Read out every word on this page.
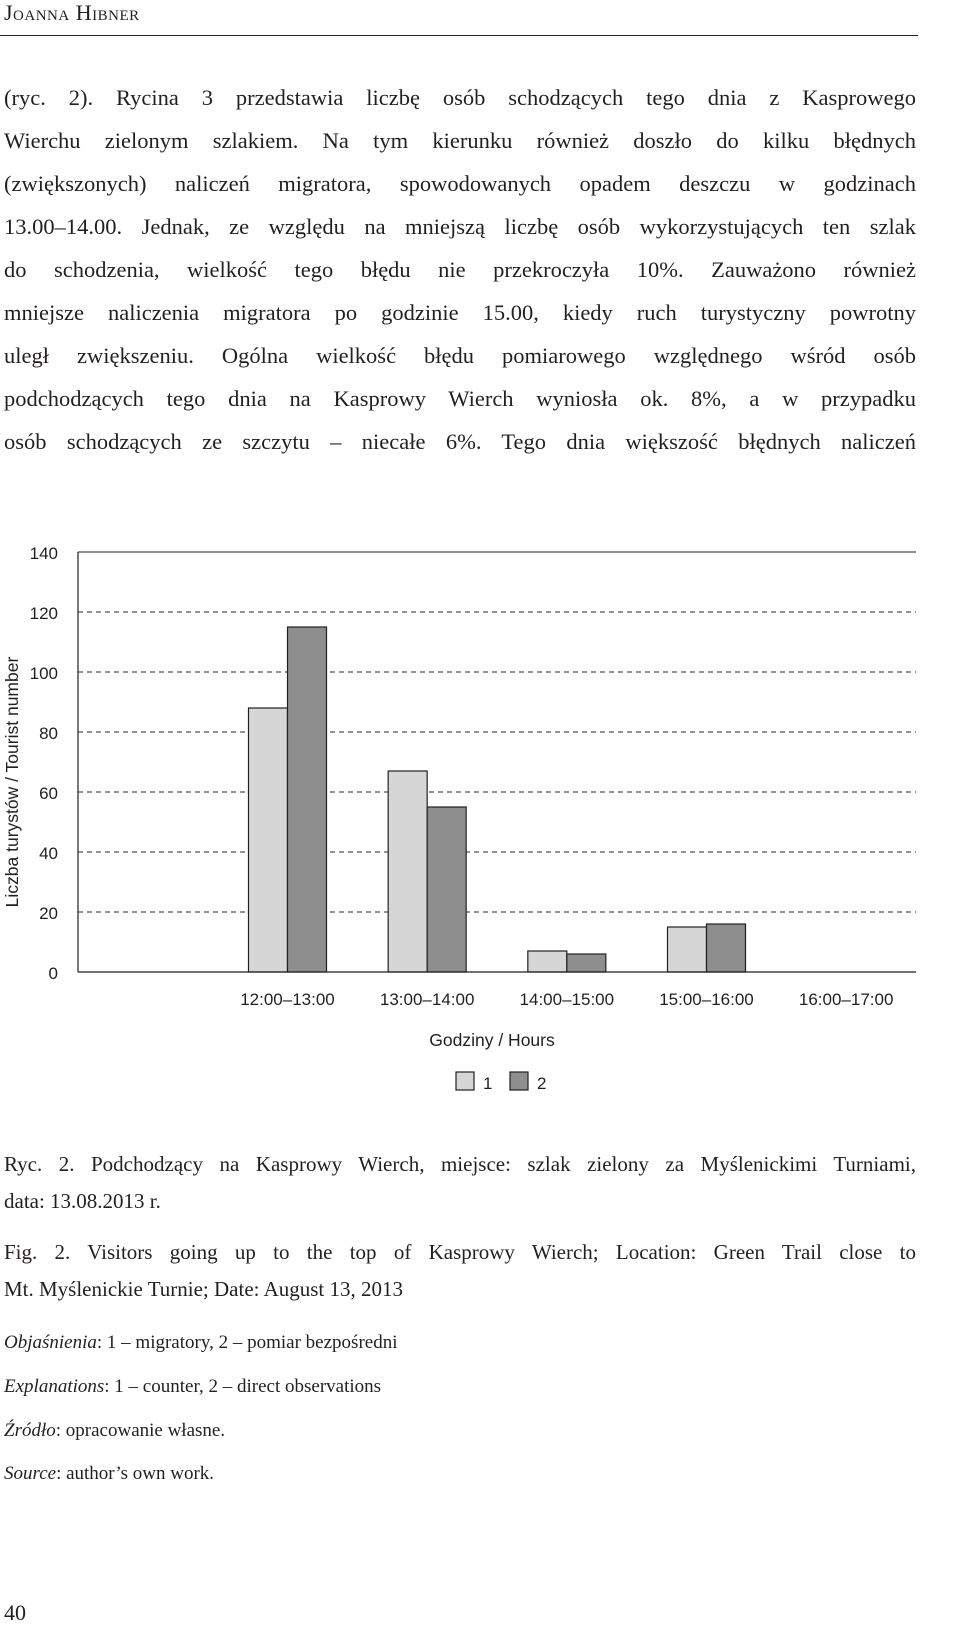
Joanna Hibner

(ryc. 2). Rycina 3 przedstawia liczbę osób schodzących tego dnia z Kasprowego
Wierchu zielonym szlakiem. Na tym kierunku również doszło do kilku błędnych
(zwiększonych) naliczeń migratora, spowodowanych opadem deszczu w godzinach
13.00–14.00. Jednak, ze względu na mniejszą liczbę osób wykorzystujących ten szlak
do schodzenia, wielkość tego błędu nie przekroczyła 10%. Zauważono również
mniejsze naliczenia migratora po godzinie 15.00, kiedy ruch turystyczny powrotny
uległ zwiększeniu. Ogólna wielkość błędu pomiarowego względnego wśród osób
podchodzących tego dnia na Kasprowy Wierch wyniosła ok. 8%, a w przypadku
osób schodzących ze szczytu – niecałe 6%. Tego dnia większość błędnych naliczeń

0
20
40
60
80
100
120
140
12:00–13:00	13:00–14:00	14:00–15:00	15:00–16:00	16:00–17:00
Godziny / Hours
Liczba turystów / Tourist number
1	2
Ryc. 2. Podchodzący na Kasprowy Wierch, miejsce: szlak zielony za Myślenickimi Turniami,
data: 13.08.2013 r.
Fig. 2. Visitors going up to the top of Kasprowy Wierch; Location: Green Trail close to
Mt. Myślenickie Turnie; Date: August 13, 2013
Objaśnienia: 1 – migratory, 2 – pomiar bezpośredni
Explanations: 1 – counter, 2 – direct observations
Źródło: opracowanie własne.
Source: author’s own work.
40
